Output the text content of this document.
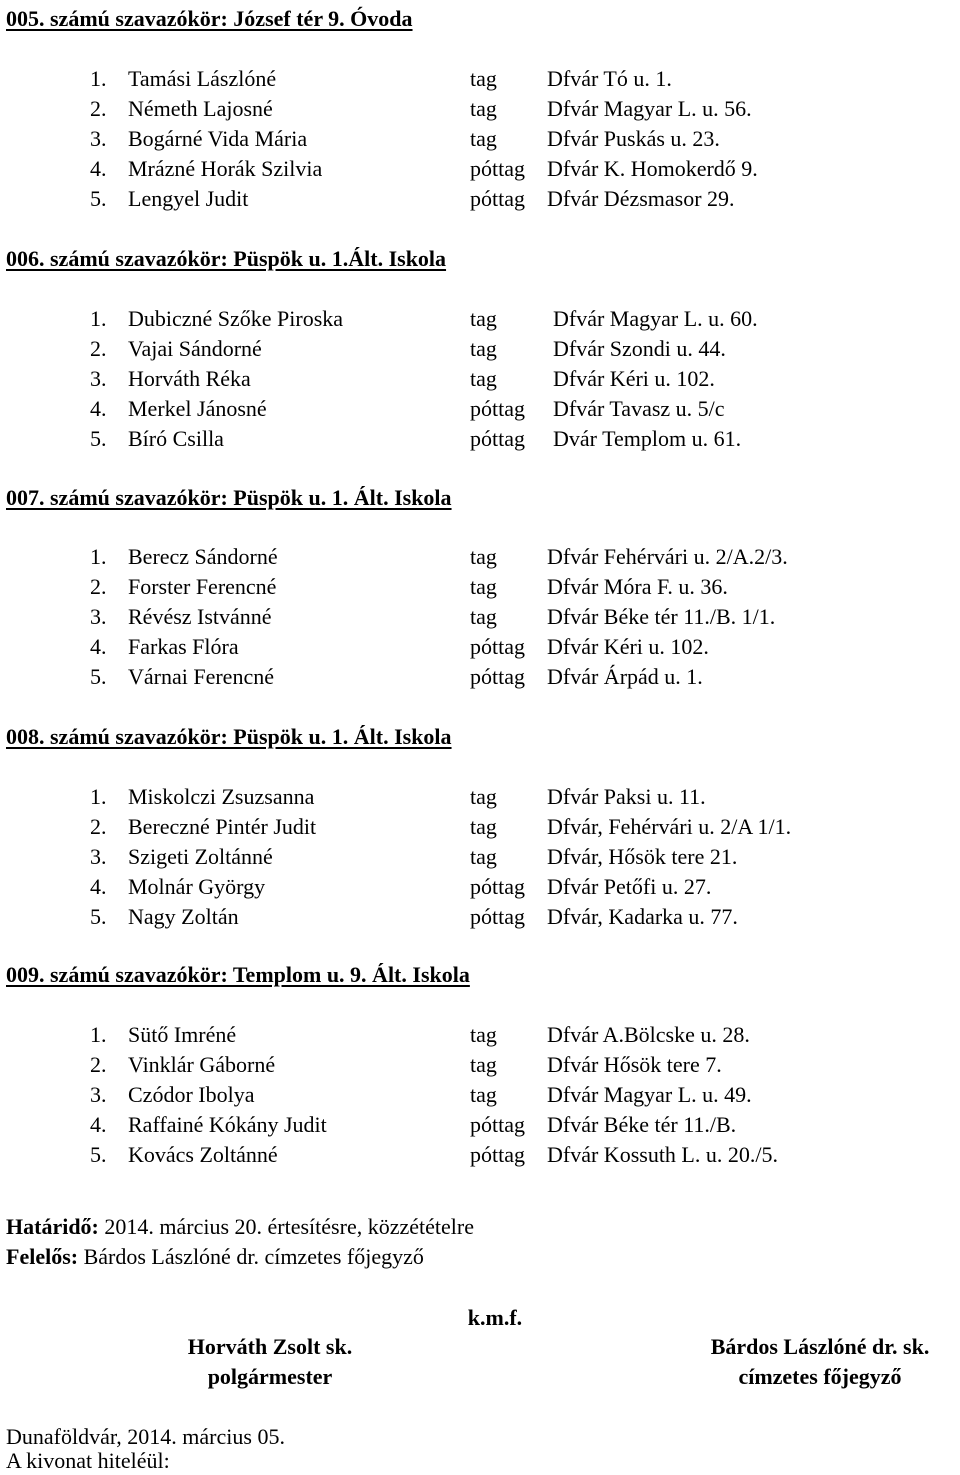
005. számú szavazókör: József tér 9. Óvoda
1. Tamási Lászlóné	tag Dfvár Tó u. 1.
2. Németh Lajosné	tag Dfvár Magyar L. u. 56.
3. Bogárné Vida Mária	tag Dfvár Puskás u. 23.
4. Mrázné Horák Szilvia	póttag Dfvár K. Homokerdő 9.
5. Lengyel Judit	póttag Dfvár Dézsmasor 29.
006. számú szavazókör: Püspök u. 1.Ált. Iskola
1. Dubiczné Szőke Piroska	tag	Dfvár Magyar L. u. 60.
2. Vajai Sándorné	tag	Dfvár Szondi u. 44.
3. Horváth Réka	tag	Dfvár Kéri u. 102.
4. Merkel Jánosné	póttag Dfvár Tavasz u. 5/c
5. Bíró Csilla	póttag Dvár Templom u. 61.
007. számú szavazókör: Püspök u. 1. Ált. Iskola
1. Berecz Sándorné	tag Dfvár Fehérvári u. 2/A.2/3.
2. Forster Ferencné	tag Dfvár Móra F. u. 36.
3. Révész Istvánné	tag Dfvár Béke tér 11./B. 1/1.
4. Farkas Flóra	póttag Dfvár Kéri u. 102.
5. Várnai Ferencné	póttag Dfvár Árpád u. 1.
008. számú szavazókör: Püspök u. 1. Ált. Iskola
1. Miskolczi Zsuzsanna	tag Dfvár Paksi u. 11.
2. Bereczné Pintér Judit	tag Dfvár, Fehérvári u. 2/A 1/1.
3. Szigeti Zoltánné	tag Dfvár, Hősök tere 21.
4. Molnár György	póttag Dfvár Petőfi u. 27.
5. Nagy Zoltán	póttag Dfvár, Kadarka u. 77.
009. számú szavazókör: Templom u. 9. Ált. Iskola
1. Sütő Imréné	tag Dfvár A.Bölcske u. 28.
2. Vinklár Gáborné	tag Dfvár Hősök tere 7.
3. Czódor Ibolya	tag Dfvár Magyar L. u. 49.
4. Raffainé Kókány Judit	póttag Dfvár Béke tér 11./B.
5. Kovács Zoltánné	póttag Dfvár Kossuth L. u. 20./5.
Határidő: 2014. március 20. értesítésre, közzétételre
Felelős: Bárdos Lászlóné dr. címzetes főjegyző
k.m.f.
Horváth Zsolt sk.
polgármester
Bárdos Lászlóné dr. sk.
címzetes főjegyző
Dunaföldvár, 2014. március 05.
A kivonat hiteléül:
